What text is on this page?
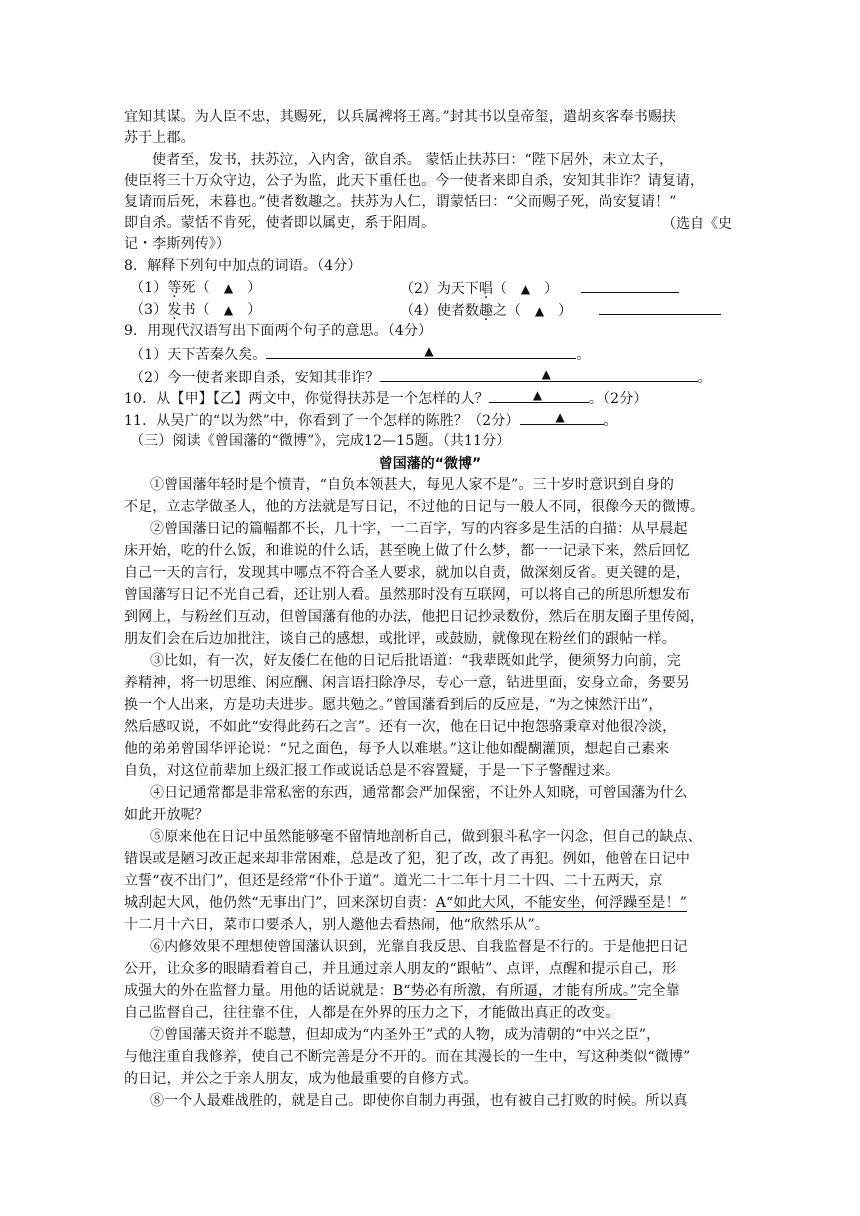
宜知其谋。为人臣不忠，其赐死，以兵属裨将王离。”封其书以皇帝玺，遣胡亥客奉书赐扶
苏于上郡。
使者至，发书，扶苏泣，入内舍，欲自杀。 蒙恬止扶苏曰：“陛下居外，未立太子，
使臣将三十万众守边，公子为监，此天下重任也。今一使者来即自杀，安知其非诈？请复请，
复请而后死，未暮也。”使者数趣之。扶苏为人仁，谓蒙恬曰：“父而赐子死，尚安复请！”
即自杀。蒙恬不肯死，使者即以属吏，系于阳周。	（选自《史
记・李斯列传》）
8．解释下列句中加点的词语。（4分）
（1）等死（ ▲ ）	（2）为天下唱（ ▲ ）
（3）发书（ ▲ ）	（4）使者数趣之（ ▲ ）
9．用现代汉语写出下面两个句子的意思。（4分）
（1）天下苦秦久矣。	▲	。
（2）今一使者来即自杀，安知其非诈？	▲	。
10．从【甲】【乙】两文中，你觉得扶苏是一个怎样的人？	▲	。（2分）
11．从吴广的“以为然”中，你看到了一个怎样的陈胜？（2分）	▲	。
（三）阅读《曾国藩的“微博”》，完成12—15题。（共11分）
曾国藩的“微博”
①曾国藩年轻时是个愤青，“自负本领甚大，每见人家不是”。三十岁时意识到自身的
不足，立志学做圣人，他的方法就是写日记，不过他的日记与一般人不同，很像今天的微博。
②曾国藩日记的篇幅都不长，几十字，一二百字，写的内容多是生活的白描：从早晨起
床开始，吃的什么饭，和谁说的什么话，甚至晚上做了什么梦，都一一记录下来，然后回忆
自己一天的言行，发现其中哪点不符合圣人要求，就加以自责，做深刻反省。更关键的是，
曾国藩写日记不光自己看，还让别人看。虽然那时没有互联网，可以将自己的所思所想发布
到网上，与粉丝们互动，但曾国藩有他的办法，他把日记抄录数份，然后在朋友圈子里传阅，
朋友们会在后边加批注，谈自己的感想，或批评，或鼓励，就像现在粉丝们的跟帖一样。
③比如，有一次，好友倭仁在他的日记后批语道：“我辈既如此学，便须努力向前，完
养精神，将一切思维、闲应酬、闲言语扫除净尽，专心一意，钻进里面，安身立命，务要另
换一个人出来，方是功夫进步。愿共勉之。”曾国藩看到后的反应是，“为之悚然汗出”，
然后感叹说，不如此“安得此药石之言”。还有一次，他在日记中抱怨骆秉章对他很冷淡，
他的弟弟曾国华评论说：“兄之面色，每予人以难堪。”这让他如醍醐灌顶，想起自己素来
自负，对这位前辈加上级汇报工作或说话总是不容置疑，于是一下子警醒过来。
④日记通常都是非常私密的东西，通常都会严加保密，不让外人知晓，可曾国藩为什么
如此开放呢？
⑤原来他在日记中虽然能够毫不留情地剖析自己，做到狠斗私字一闪念，但自己的缺点、
错误或是陋习改正起来却非常困难，总是改了犯，犯了改，改了再犯。例如，他曾在日记中
立誓“夜不出门”，但还是经常“仆仆于道”。道光二十二年十月二十四、二十五两天，京
城刮起大风，他仍然“无事出门”，回来深切自责：A“如此大风，不能安坐，何浮躁至是！”
十二月十六日，菜市口要杀人，别人邀他去看热闹，他“欣然乐从”。
⑥内修效果不理想使曾国藩认识到，光靠自我反思、自我监督是不行的。于是他把日记
公开，让众多的眼睛看着自己，并且通过亲人朋友的“跟帖”、点评，点醒和提示自己，形
成强大的外在监督力量。用他的话说就是：B“势必有所激，有所逼，才能有所成。”完全靠
自己监督自己，往往靠不住，人都是在外界的压力之下，才能做出真正的改变。
⑦曾国藩天资并不聪慧，但却成为“内圣外王”式的人物，成为清朝的“中兴之臣”，
与他注重自我修养，使自己不断完善是分不开的。而在其漫长的一生中，写这种类似“微博”
的日记，并公之于亲人朋友，成为他最重要的自修方式。
⑧一个人最难战胜的，就是自己。即使你自制力再强，也有被自己打败的时候。所以真
